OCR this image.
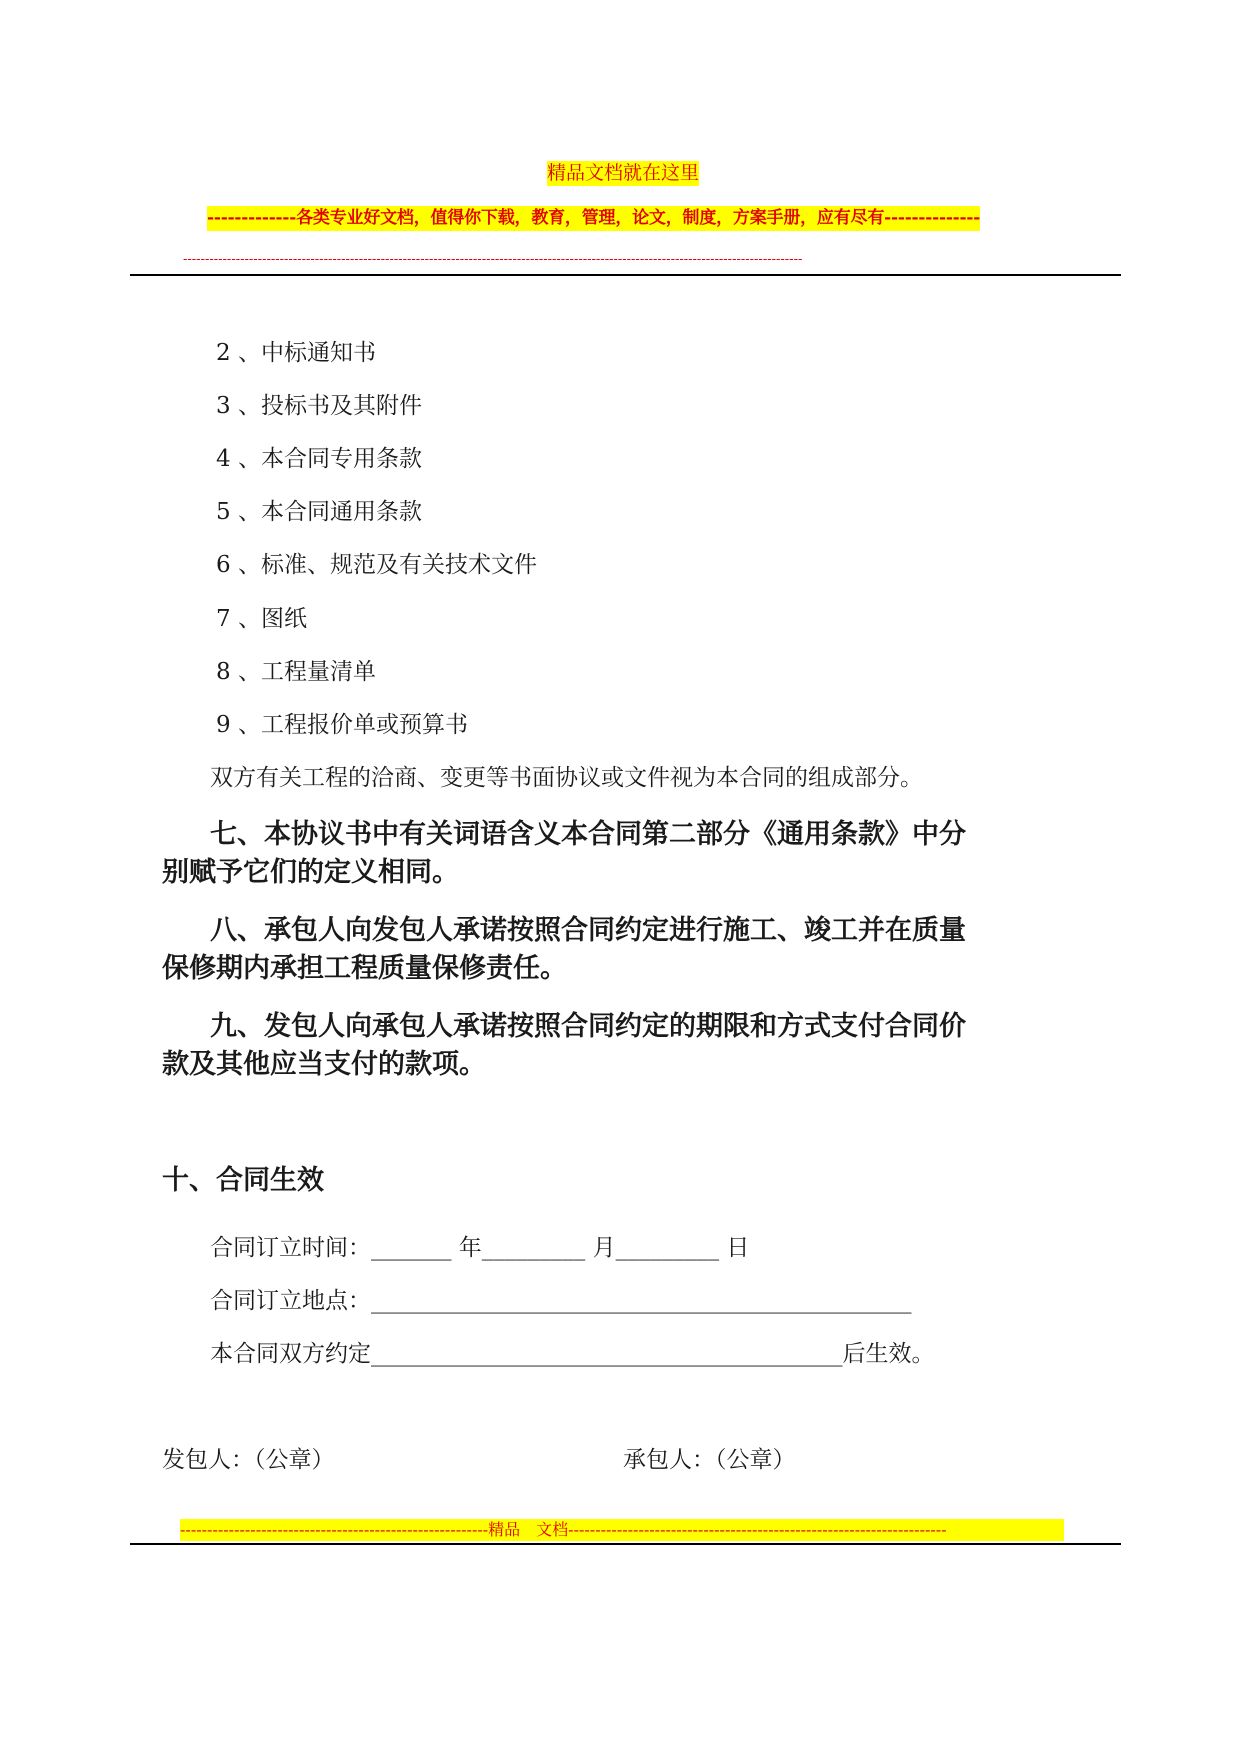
精品文档就在这里
-------------各类专业好文档，值得你下载，教育，管理，论文，制度，方案手册，应有尽有--------------
---------------------------------------------------------------------------------------------------------------------------------------------
2 、中标通知书
3 、投标书及其附件
4 、本合同专用条款
5 、本合同通用条款
6 、标准、规范及有关技术文件
7 、图纸
8 、工程量清单
9 、工程报价单或预算书
双方有关工程的洽商、变更等书面协议或文件视为本合同的组成部分。
七、本协议书中有关词语含义本合同第二部分《通用条款》中分
别赋予它们的定义相同。
八、承包人向发包人承诺按照合同约定进行施工、竣工并在质量
保修期内承担工程质量保修责任。
九、发包人向承包人承诺按照合同约定的期限和方式支付合同价
款及其他应当支付的款项。
十、合同生效
合同订立时间：_______ 年_________ 月_________ 日
合同订立地点：_______________________________________________
本合同双方约定_________________________________________后生效。
发包人：（公章）	承包人：（公章）
---------------------------------------------------------精品　文档----------------------------------------------------------------------
